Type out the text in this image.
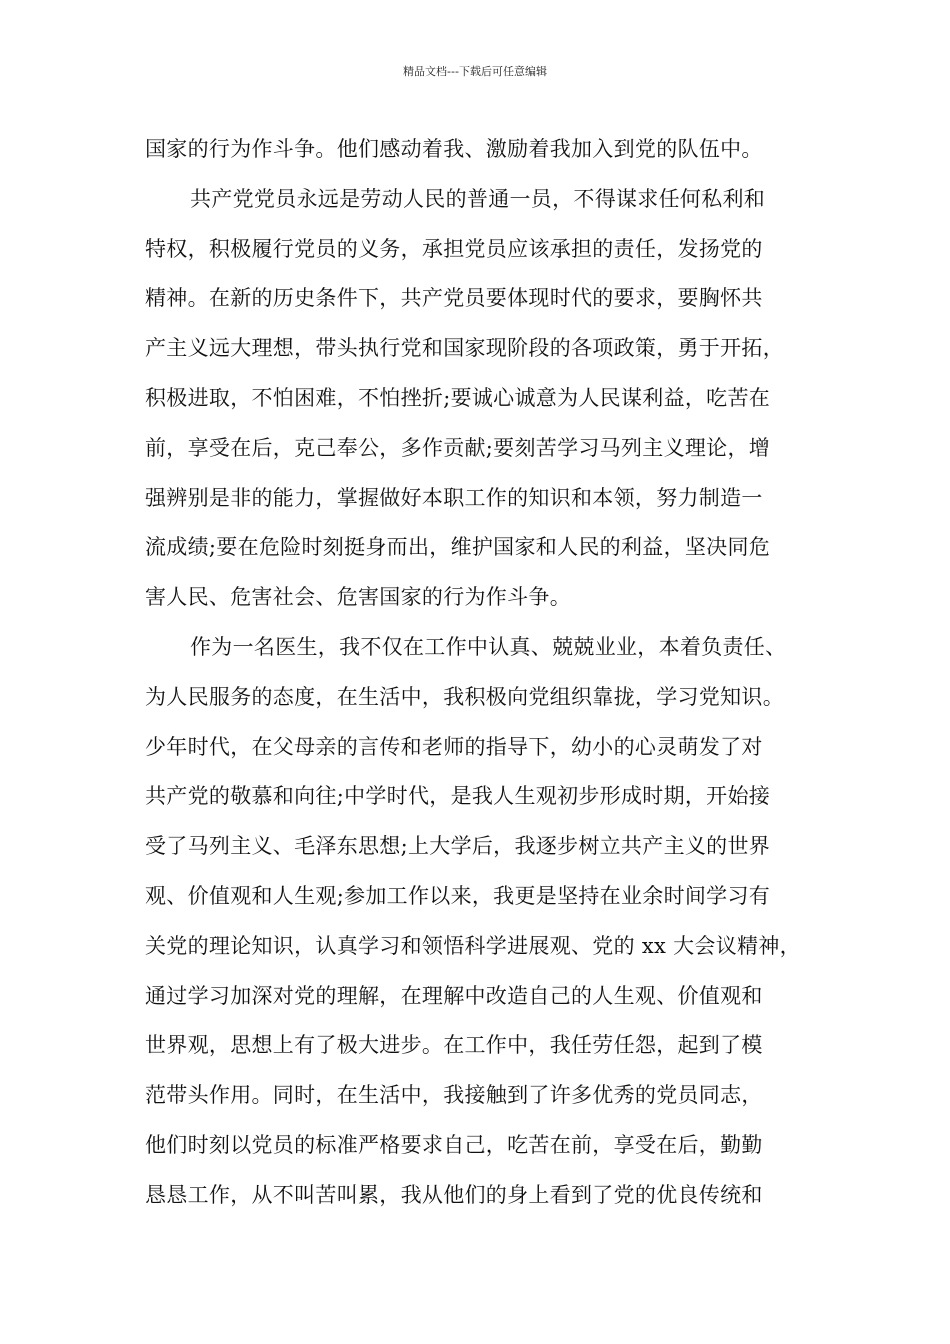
精品文档---下载后可任意编辑
国家的行为作斗争。他们感动着我、激励着我加入到党的队伍中。
共产党党员永远是劳动人民的普通一员，不得谋求任何私利和
特权，积极履行党员的义务，承担党员应该承担的责任，发扬党的
精神。在新的历史条件下，共产党员要体现时代的要求，要胸怀共
产主义远大理想，带头执行党和国家现阶段的各项政策，勇于开拓，
积极进取，不怕困难，不怕挫折;要诚心诚意为人民谋利益，吃苦在
前，享受在后，克己奉公，多作贡献;要刻苦学习马列主义理论，增
强辨别是非的能力，掌握做好本职工作的知识和本领，努力制造一
流成绩;要在危险时刻挺身而出，维护国家和人民的利益，坚决同危
害人民、危害社会、危害国家的行为作斗争。
作为一名医生，我不仅在工作中认真、兢兢业业，本着负责任、
为人民服务的态度，在生活中，我积极向党组织靠拢，学习党知识。
少年时代，在父母亲的言传和老师的指导下，幼小的心灵萌发了对
共产党的敬慕和向往;中学时代，是我人生观初步形成时期，开始接
受了马列主义、毛泽东思想;上大学后，我逐步树立共产主义的世界
观、价值观和人生观;参加工作以来，我更是坚持在业余时间学习有
关党的理论知识，认真学习和领悟科学进展观、党的 xx 大会议精神，
通过学习加深对党的理解，在理解中改造自己的人生观、价值观和
世界观，思想上有了极大进步。在工作中，我任劳任怨，起到了模
范带头作用。同时，在生活中，我接触到了许多优秀的党员同志，
他们时刻以党员的标准严格要求自己，吃苦在前，享受在后，勤勤
恳恳工作，从不叫苦叫累，我从他们的身上看到了党的优良传统和
